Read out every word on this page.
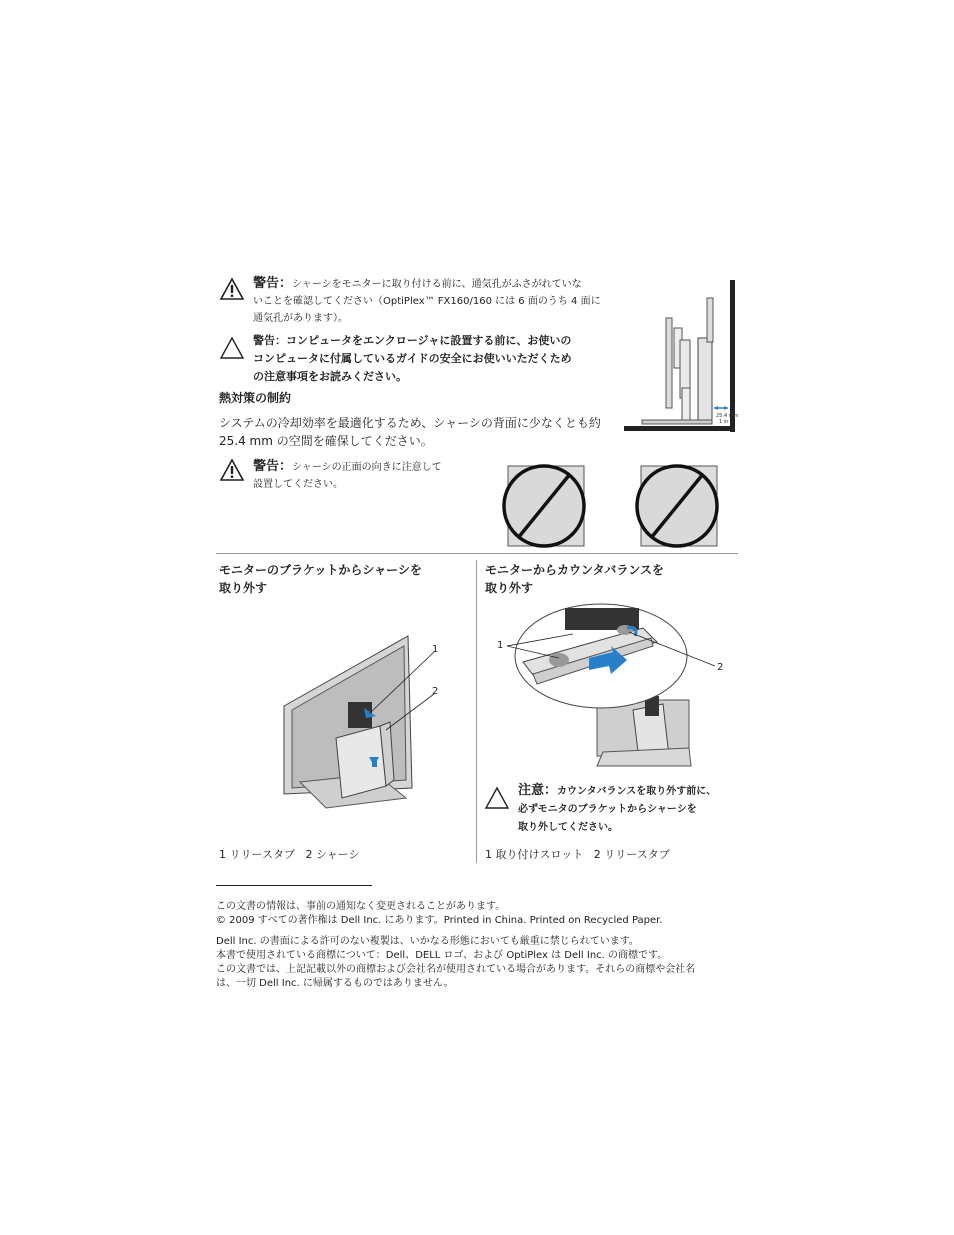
警告：シャーシをモニターに取り付ける前に、通気孔がふさがれていな
いことを確認してください（OptiPlex™ FX160/160 には 6 面のうち 4 面に
通気孔があります）。
警告：コンピュータをエンクロージャに設置する前に、お使いの
コンピュータに付属しているガイドの安全にお使いいただくため
の注意事項をお読みください。
熱対策の制約
システムの冷却効率を最適化するため、シャーシの背面に少なくとも約
25.4 mm の空間を確保してください。
25.4 mm
1 in
警告：シャーシの正面の向きに注意して
設置してください。
モニターのブラケットからシャーシを
取り外す
1
2
1 リリースタブ 2 シャーシ
モニターからカウンタバランスを
取り外す
1
2
注意：カウンタバランスを取り外す前に、
必ずモニタのブラケットからシャーシを
取り外してください。
1 取り付けスロット 2 リリースタブ
この文書の情報は、事前の通知なく変更されることがあります。
© 2009 すべての著作権は Dell Inc. にあります。Printed in China. Printed on Recycled Paper.
Dell Inc. の書面による許可のない複製は、いかなる形態においても厳重に禁じられています。
本書で使用されている商標について：Dell、DELL ロゴ、および OptiPlex は Dell Inc. の商標です。
この文書では、上記記載以外の商標および会社名が使用されている場合があります。それらの商標や会社名
は、一切 Dell Inc. に帰属するものではありません。
